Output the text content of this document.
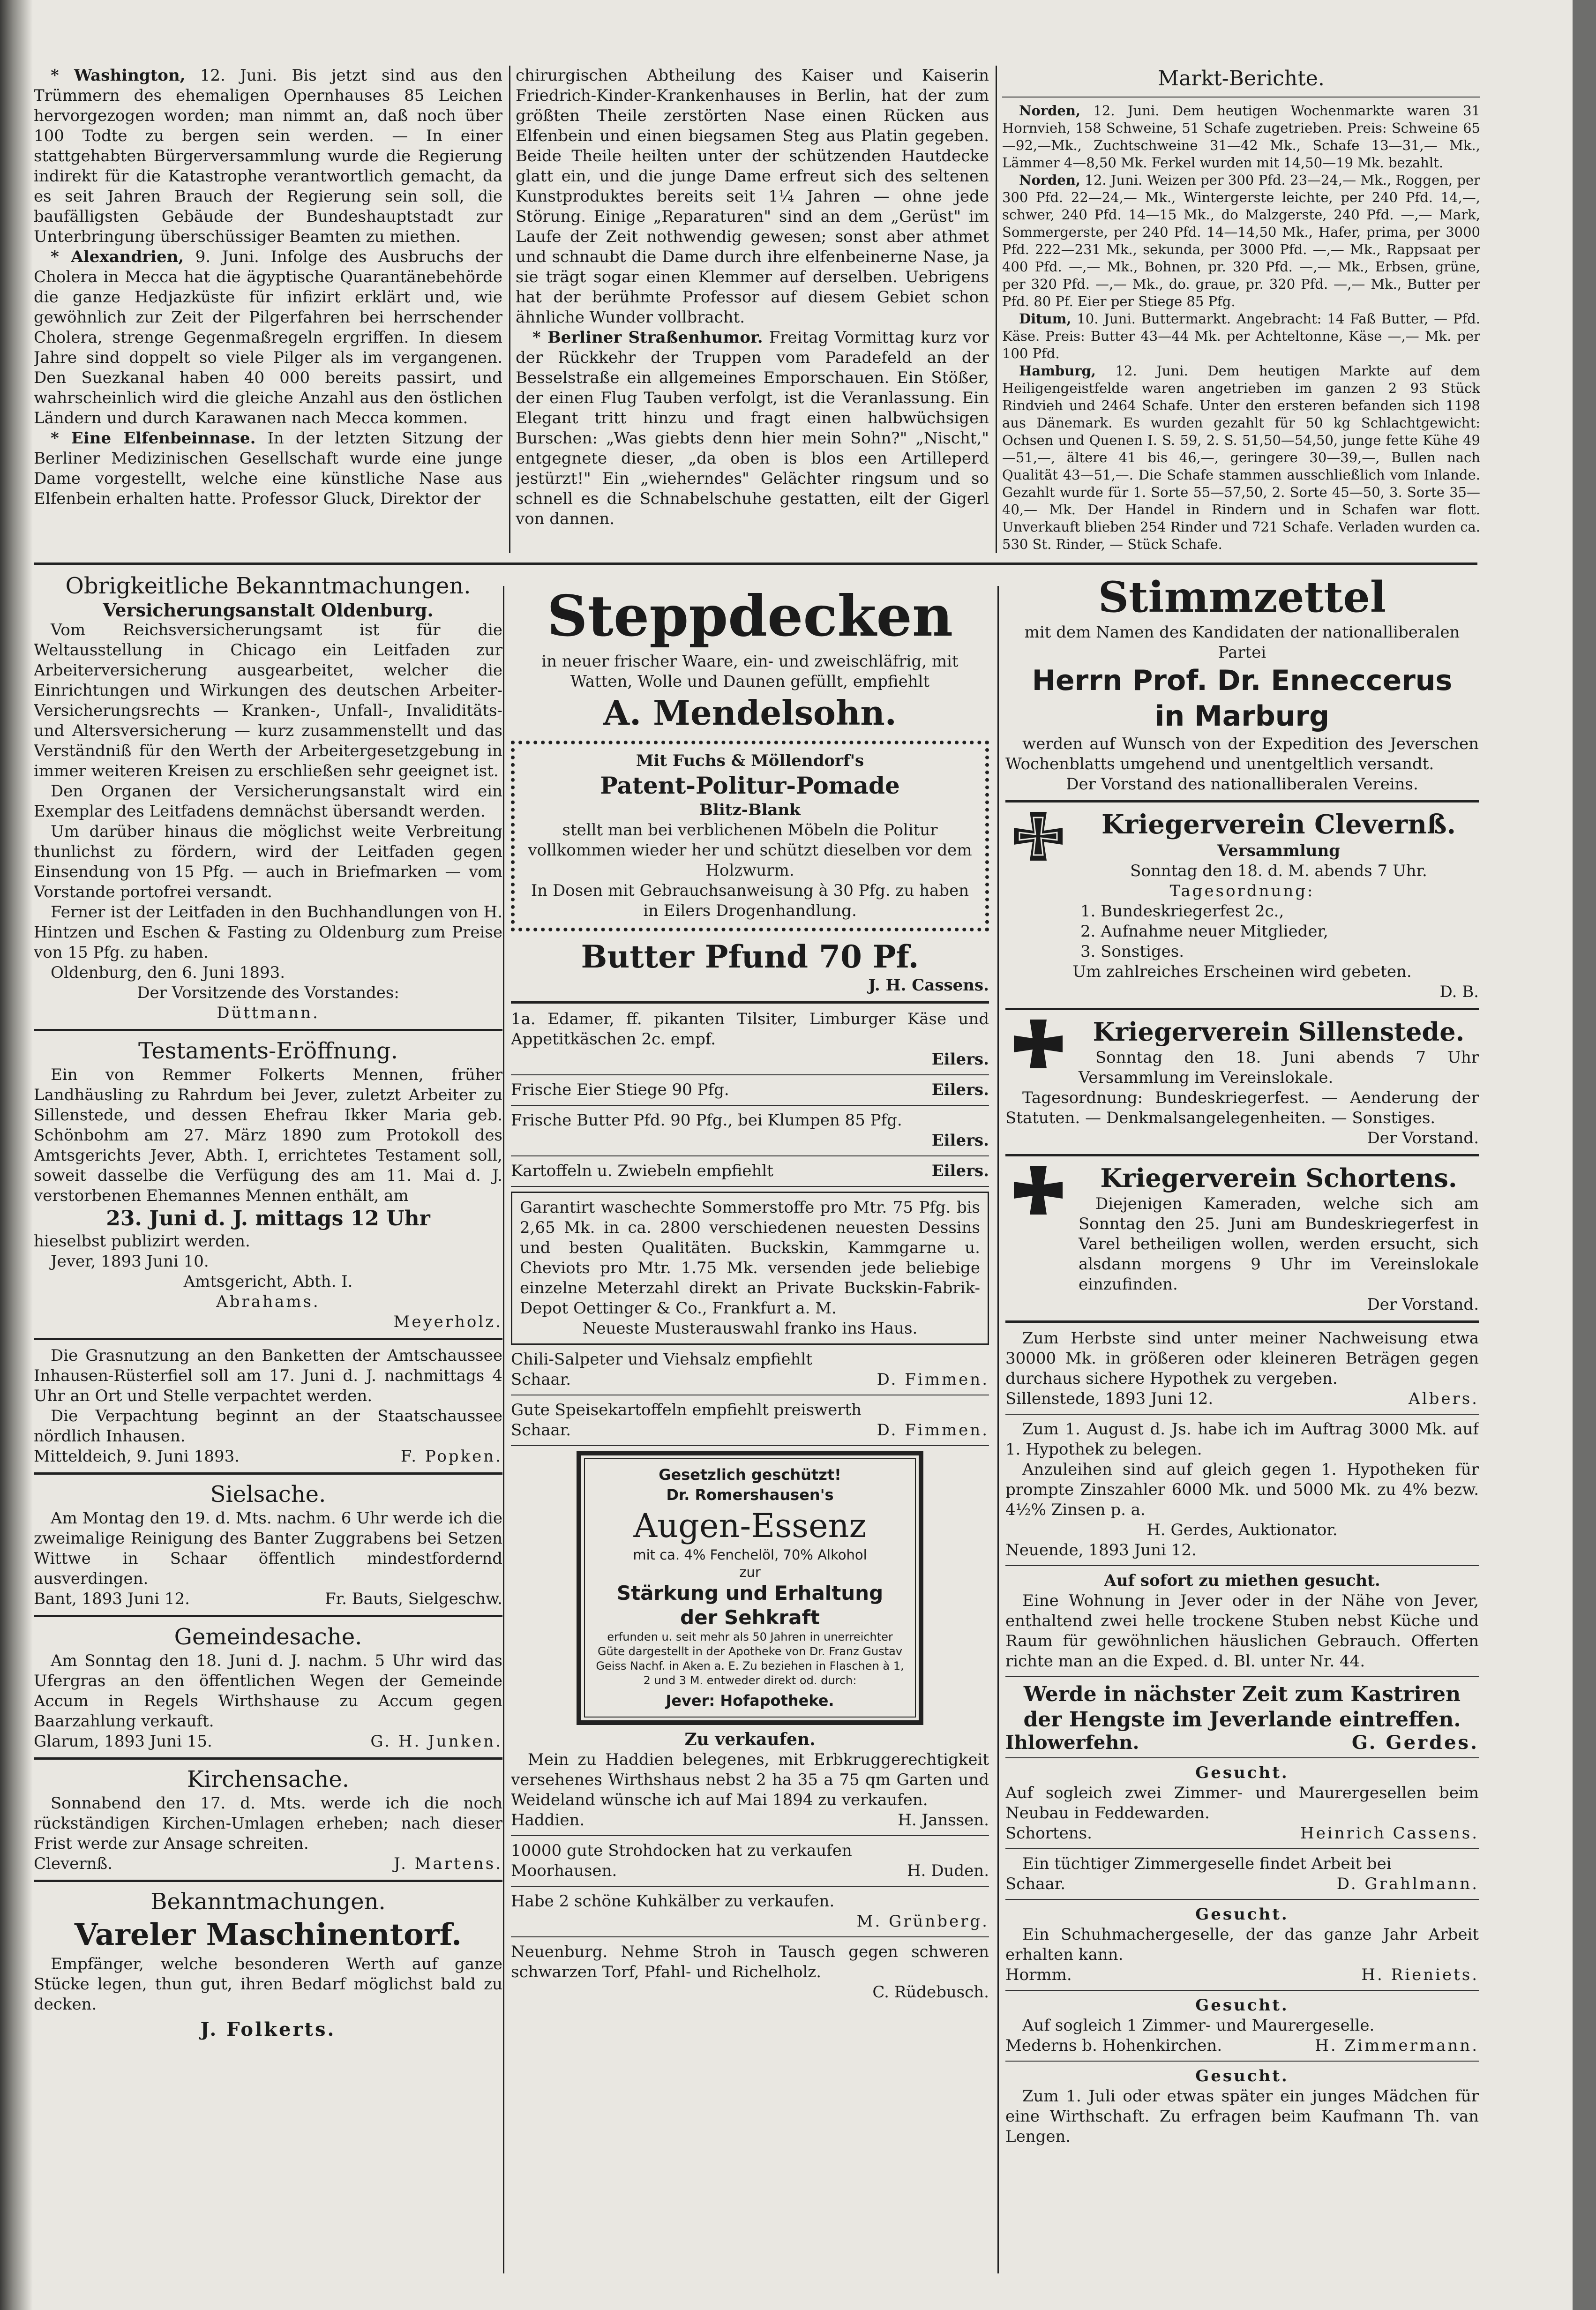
* Washington, 12. Juni. Bis jetzt sind aus den Trümmern des ehemaligen Opernhauses 85 Leichen hervorgezogen worden; man nimmt an, daß noch über 100 Todte zu bergen sein werden. — In einer stattgehabten Bürgerversammlung wurde die Regierung indirekt für die Katastrophe verantwortlich gemacht, da es seit Jahren Brauch der Regierung sein soll, die baufälligsten Gebäude der Bundeshauptstadt zur Unterbringung überschüssiger Beamten zu miethen.

* Alexandrien, 9. Juni. Infolge des Ausbruchs der Cholera in Mecca hat die ägyptische Quarantänebehörde die ganze Hedjazküste für infizirt erklärt und, wie gewöhnlich zur Zeit der Pilgerfahren bei herrschender Cholera, strenge Gegenmaßregeln ergriffen. In diesem Jahre sind doppelt so viele Pilger als im vergangenen. Den Suezkanal haben 40 000 bereits passirt, und wahrscheinlich wird die gleiche Anzahl aus den östlichen Ländern und durch Karawanen nach Mecca kommen.

* Eine Elfenbeinnase. In der letzten Sitzung der Berliner Medizinischen Gesellschaft wurde eine junge Dame vorgestellt, welche eine künstliche Nase aus Elfenbein erhalten hatte. Professor Gluck, Direktor der

chirurgischen Abtheilung des Kaiser und Kaiserin Friedrich-Kinder-Krankenhauses in Berlin, hat der zum größten Theile zerstörten Nase einen Rücken aus Elfenbein und einen biegsamen Steg aus Platin gegeben. Beide Theile heilten unter der schützenden Hautdecke glatt ein, und die junge Dame erfreut sich des seltenen Kunstproduktes bereits seit 1¼ Jahren — ohne jede Störung. Einige „Reparaturen" sind an dem „Gerüst" im Laufe der Zeit nothwendig gewesen; sonst aber athmet und schnaubt die Dame durch ihre elfenbeinerne Nase, ja sie trägt sogar einen Klemmer auf derselben. Uebrigens hat der berühmte Professor auf diesem Gebiet schon ähnliche Wunder vollbracht.

* Berliner Straßenhumor. Freitag Vormittag kurz vor der Rückkehr der Truppen vom Paradefeld an der Besselstraße ein allgemeines Emporschauen. Ein Stößer, der einen Flug Tauben verfolgt, ist die Veranlassung. Ein Elegant tritt hinzu und fragt einen halbwüchsigen Burschen: „Was giebts denn hier mein Sohn?" „Nischt," entgegnete dieser, „da oben is blos een Artilleperd jestürzt!" Ein „wieherndes" Gelächter ringsum und so schnell es die Schnabelschuhe gestatten, eilt der Gigerl von dannen.

Markt-Berichte.

Norden, 12. Juni. Dem heutigen Wochenmarkte waren 31 Hornvieh, 158 Schweine, 51 Schafe zugetrieben. Preis: Schweine 65—92,—Mk., Zuchtschweine 31—42 Mk., Schafe 13—31,— Mk., Lämmer 4—8,50 Mk. Ferkel wurden mit 14,50—19 Mk. bezahlt.

Norden, 12. Juni. Weizen per 300 Pfd. 23—24,— Mk., Roggen, per 300 Pfd. 22—24,— Mk., Wintergerste leichte, per 240 Pfd. 14,—, schwer, 240 Pfd. 14—15 Mk., do Malzgerste, 240 Pfd. —,— Mark, Sommergerste, per 240 Pfd. 14—14,50 Mk., Hafer, prima, per 3000 Pfd. 222—231 Mk., sekunda, per 3000 Pfd. —,— Mk., Rappsaat per 400 Pfd. —,— Mk., Bohnen, pr. 320 Pfd. —,— Mk., Erbsen, grüne, per 320 Pfd. —,— Mk., do. graue, pr. 320 Pfd. —,— Mk., Butter per Pfd. 80 Pf. Eier per Stiege 85 Pfg.

Ditum, 10. Juni. Buttermarkt. Angebracht: 14 Faß Butter, — Pfd. Käse. Preis: Butter 43—44 Mk. per Achteltonne, Käse —,— Mk. per 100 Pfd.

Hamburg, 12. Juni. Dem heutigen Markte auf dem Heiligengeistfelde waren angetrieben im ganzen 2 93 Stück Rindvieh und 2464 Schafe. Unter den ersteren befanden sich 1198 aus Dänemark. Es wurden gezahlt für 50 kg Schlachtgewicht: Ochsen und Quenen I. S. 59, 2. S. 51,50—54,50, junge fette Kühe 49—51,—, ältere 41 bis 46,—, geringere 30—39,—, Bullen nach Qualität 43—51,—. Die Schafe stammen ausschließlich vom Inlande. Gezahlt wurde für 1. Sorte 55—57,50, 2. Sorte 45—50, 3. Sorte 35—40,— Mk. Der Handel in Rindern und in Schafen war flott. Unverkauft blieben 254 Rinder und 721 Schafe. Verladen wurden ca. 530 St. Rinder, — Stück Schafe.

Obrigkeitliche Bekanntmachungen.
Versicherungsanstalt Oldenburg.

Vom Reichsversicherungsamt ist für die Weltausstellung in Chicago ein Leitfaden zur Arbeiterversicherung ausgearbeitet, welcher die Einrichtungen und Wirkungen des deutschen Arbeiter-Versicherungsrechts — Kranken-, Unfall-, Invaliditäts- und Altersversicherung — kurz zusammenstellt und das Verständniß für den Werth der Arbeitergesetzgebung in immer weiteren Kreisen zu erschließen sehr geeignet ist.

Den Organen der Versicherungsanstalt wird ein Exemplar des Leitfadens demnächst übersandt werden.

Um darüber hinaus die möglichst weite Verbreitung thunlichst zu fördern, wird der Leitfaden gegen Einsendung von 15 Pfg. — auch in Briefmarken — vom Vorstande portofrei versandt.

Ferner ist der Leitfaden in den Buchhandlungen von H. Hintzen und Eschen & Fasting zu Oldenburg zum Preise von 15 Pfg. zu haben.

Oldenburg, den 6. Juni 1893.

Der Vorsitzende des Vorstandes:
Düttmann.
Testaments-Eröffnung.

Ein von Remmer Folkerts Mennen, früher Landhäusling zu Rahrdum bei Jever, zuletzt Arbeiter zu Sillenstede, und dessen Ehefrau Ikker Maria geb. Schönbohm am 27. März 1890 zum Protokoll des Amtsgerichts Jever, Abth. I, errichtetes Testament soll, soweit dasselbe die Verfügung des am 11. Mai d. J. verstorbenen Ehemannes Mennen enthält, am

23. Juni d. J. mittags 12 Uhr

hieselbst publizirt werden.

Jever, 1893 Juni 10.

Amtsgericht, Abth. I.
Abrahams.
Meyerholz.

Die Grasnutzung an den Banketten der Amtschaussee Inhausen-Rüsterfiel soll am 17. Juni d. J. nachmittags 4 Uhr an Ort und Stelle verpachtet werden.

Die Verpachtung beginnt an der Staatschaussee nördlich Inhausen.

Mitteldeich, 9. Juni 1893.	F. Popken.
Sielsache.

Am Montag den 19. d. Mts. nachm. 6 Uhr werde ich die zweimalige Reinigung des Banter Zuggrabens bei Setzen Wittwe in Schaar öffentlich mindestfordernd ausverdingen.

Bant, 1893 Juni 12.	Fr. Bauts, Sielgeschw.
Gemeindesache.

Am Sonntag den 18. Juni d. J. nachm. 5 Uhr wird das Ufergras an den öffentlichen Wegen der Gemeinde Accum in Regels Wirthshause zu Accum gegen Baarzahlung verkauft.

Glarum, 1893 Juni 15.	G. H. Junken.
Kirchensache.

Sonnabend den 17. d. Mts. werde ich die noch rückständigen Kirchen-Umlagen erheben; nach dieser Frist werde zur Ansage schreiten.

Clevernß.	J. Martens.
Bekanntmachungen.
Vareler Maschinentorf.

Empfänger, welche besonderen Werth auf ganze Stücke legen, thun gut, ihren Bedarf möglichst bald zu decken.

J. Folkerts.
Steppdecken

in neuer frischer Waare, ein- und zweischläfrig, mit Watten, Wolle und Daunen gefüllt, empfiehlt

A. Mendelsohn.
Mit Fuchs & Möllendorf's
Patent-Politur-Pomade
Blitz-Blank

stellt man bei verblichenen Möbeln die Politur vollkommen wieder her und schützt dieselben vor dem Holzwurm.

In Dosen mit Gebrauchsanweisung à 30 Pfg. zu haben in Eilers Drogenhandlung.

Butter Pfund 70 Pf.
J. H. Cassens.

1a. Edamer, ff. pikanten Tilsiter, Limburger Käse und Appetitkäschen 2c. empf.

Eilers.
Frische Eier Stiege 90 Pfg.	Eilers.

Frische Butter Pfd. 90 Pfg., bei Klumpen 85 Pfg.

Eilers.
Kartoffeln u. Zwiebeln empfiehlt	Eilers.

Garantirt waschechte Sommerstoffe pro Mtr. 75 Pfg. bis 2,65 Mk. in ca. 2800 verschiedenen neuesten Dessins und besten Qualitäten. Buckskin, Kammgarne u. Cheviots pro Mtr. 1.75 Mk. versenden jede beliebige einzelne Meterzahl direkt an Private Buckskin-Fabrik-Depot Oettinger & Co., Frankfurt a. M.

Neueste Musterauswahl franko ins Haus.

Chili-Salpeter und Viehsalz empfiehlt

Schaar.	D. Fimmen.

Gute Speisekartoffeln empfiehlt preiswerth

Schaar.	D. Fimmen.
Gesetzlich geschützt!
Dr. Romershausen's
Augen-Essenz
mit ca. 4% Fenchelöl, 70% Alkohol
zur
Stärkung und Erhaltung
der Sehkraft
erfunden u. seit mehr als 50 Jahren in unerreichter Güte dargestellt in der Apotheke von Dr. Franz Gustav Geiss Nachf. in Aken a. E. Zu beziehen in Flaschen à 1, 2 und 3 M. entweder direkt od. durch:
Jever: Hofapotheke.
Zu verkaufen.

Mein zu Haddien belegenes, mit Erbkruggerechtigkeit versehenes Wirthshaus nebst 2 ha 35 a 75 qm Garten und Weideland wünsche ich auf Mai 1894 zu verkaufen.

Haddien.	H. Janssen.

10000 gute Strohdocken hat zu verkaufen

Moorhausen.	H. Duden.

Habe 2 schöne Kuhkälber zu verkaufen.

M. Grünberg.

Neuenburg. Nehme Stroh in Tausch gegen schweren schwarzen Torf, Pfahl- und Richelholz.

C. Rüdebusch.
Stimmzettel
mit dem Namen des Kandidaten der nationalliberalen Partei
Herrn Prof. Dr. Enneccerus
in Marburg

werden auf Wunsch von der Expedition des Jeverschen Wochenblatts umgehend und unentgeltlich versandt.

Der Vorstand des nationalliberalen Vereins.
Kriegerverein Clevernß.
Versammlung
Sonntag den 18. d. M. abends 7 Uhr.
Tagesordnung:
1. Bundeskriegerfest 2c.,
2. Aufnahme neuer Mitglieder,
3. Sonstiges.
Um zahlreiches Erscheinen wird gebeten.
D. B.
Kriegerverein Sillenstede.

Sonntag den 18. Juni abends 7 Uhr Versammlung im Vereinslokale.

Tagesordnung: Bundeskriegerfest. — Aenderung der Statuten. — Denkmalsangelegenheiten. — Sonstiges.

Der Vorstand.
Kriegerverein Schortens.

Diejenigen Kameraden, welche sich am Sonntag den 25. Juni am Bundeskriegerfest in Varel betheiligen wollen, werden ersucht, sich alsdann morgens 9 Uhr im Vereinslokale einzufinden.

Der Vorstand.

Zum Herbste sind unter meiner Nachweisung etwa 30000 Mk. in größeren oder kleineren Beträgen gegen durchaus sichere Hypothek zu vergeben.

Sillenstede, 1893 Juni 12.	Albers.

Zum 1. August d. Js. habe ich im Auftrag 3000 Mk. auf 1. Hypothek zu belegen.

Anzuleihen sind auf gleich gegen 1. Hypotheken für prompte Zinszahler 6000 Mk. und 5000 Mk. zu 4% bezw. 4½% Zinsen p. a.

H. Gerdes, Auktionator.

Neuende, 1893 Juni 12.

Auf sofort zu miethen gesucht.

Eine Wohnung in Jever oder in der Nähe von Jever, enthaltend zwei helle trockene Stuben nebst Küche und Raum für gewöhnlichen häuslichen Gebrauch. Offerten richte man an die Exped. d. Bl. unter Nr. 44.

Werde in nächster Zeit zum Kastriren der Hengste im Jeverlande eintreffen.

Ihlowerfehn.	G. Gerdes.
Gesucht.

Auf sogleich zwei Zimmer- und Maurergesellen beim Neubau in Feddewarden.

Schortens.	Heinrich Cassens.

Ein tüchtiger Zimmergeselle findet Arbeit bei

Schaar.	D. Grahlmann.
Gesucht.

Ein Schuhmachergeselle, der das ganze Jahr Arbeit erhalten kann.

Hormm.	H. Rieniets.
Gesucht.

Auf sogleich 1 Zimmer- und Maurergeselle.

Mederns b. Hohenkirchen.	H. Zimmermann.
Gesucht.

Zum 1. Juli oder etwas später ein junges Mädchen für eine Wirthschaft. Zu erfragen beim Kaufmann Th. van Lengen.
